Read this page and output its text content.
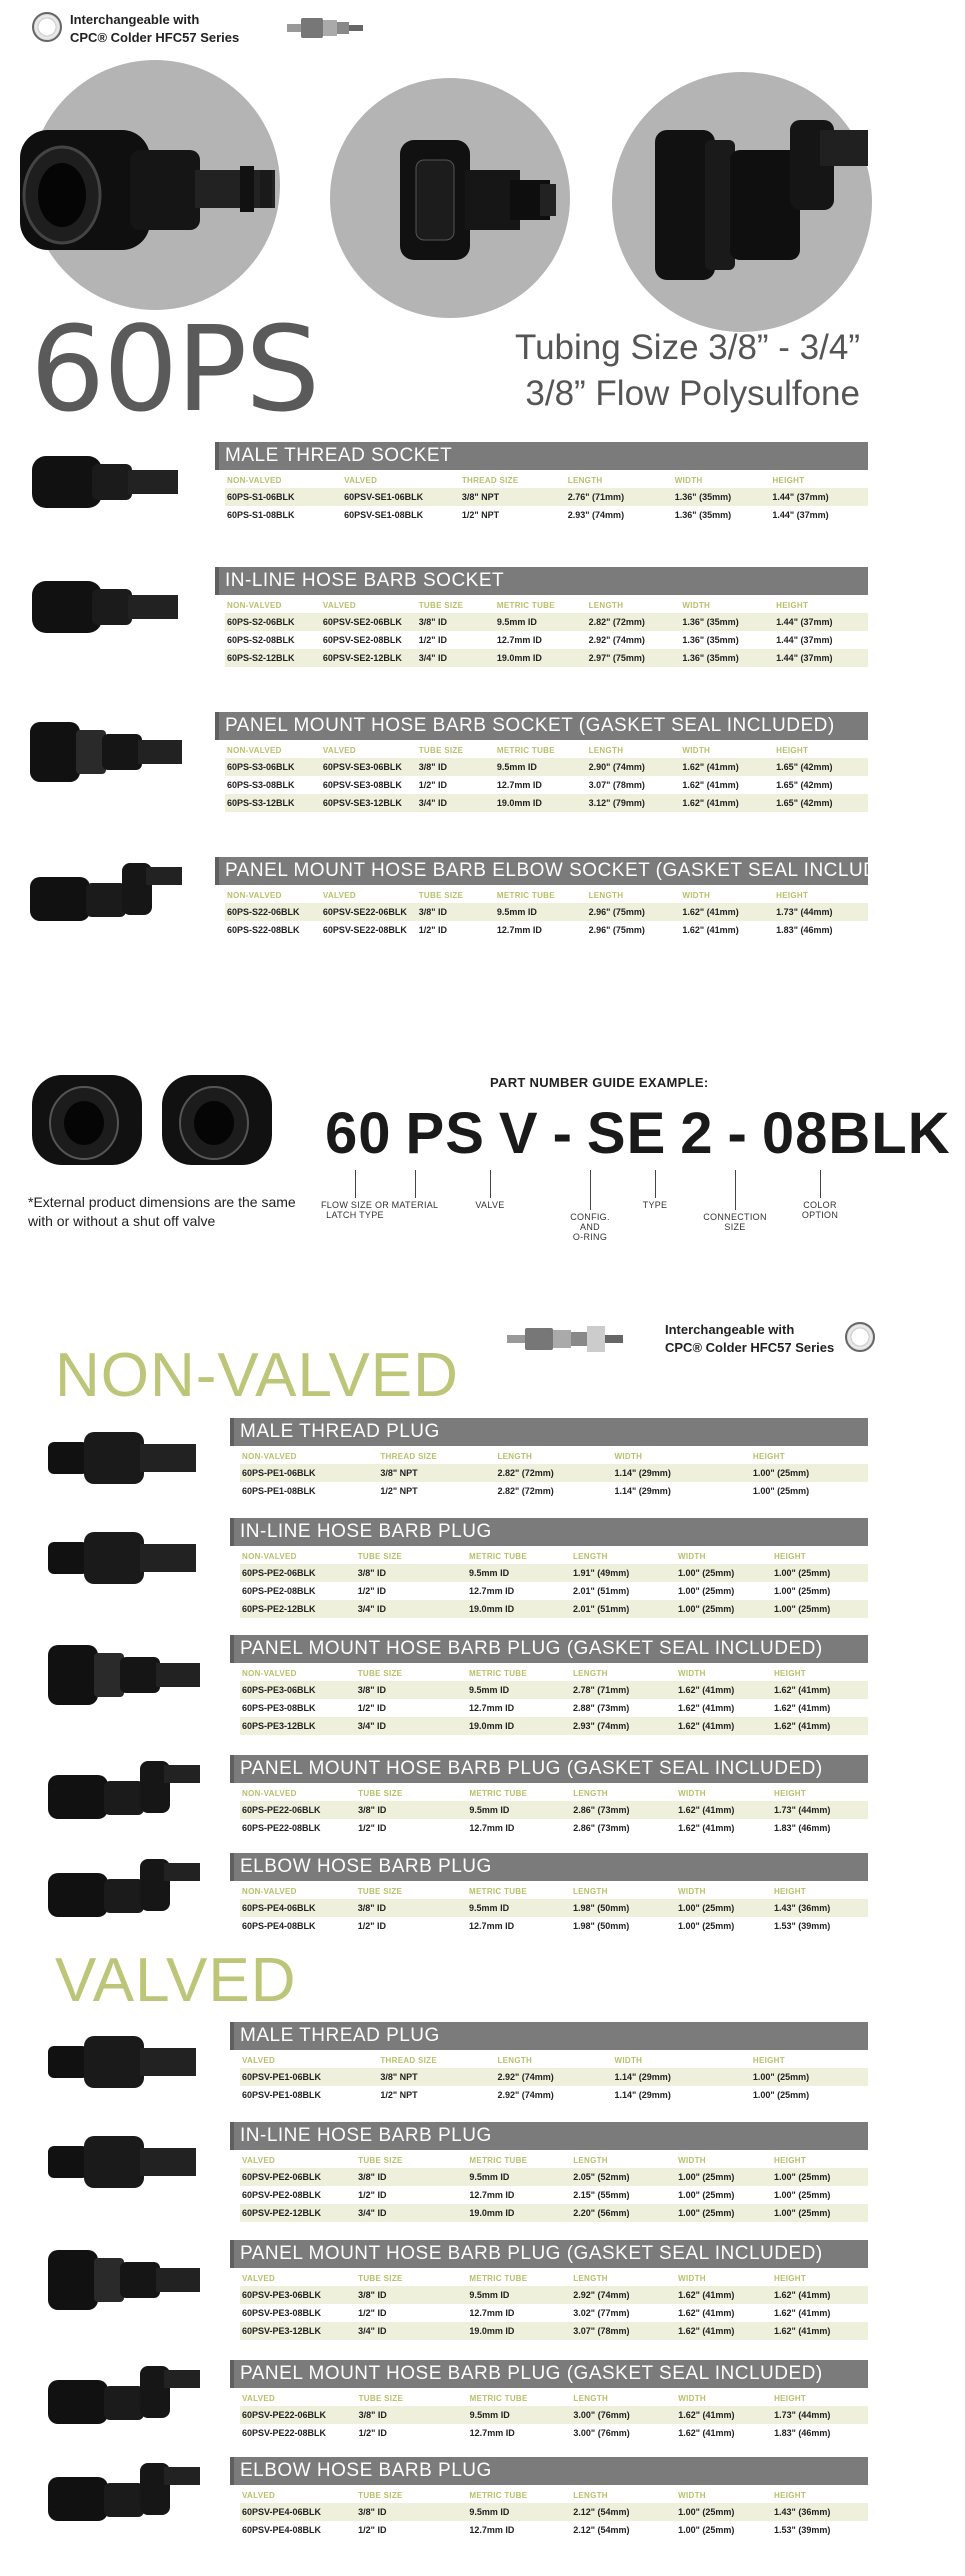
Interchangeable with
CPC® Colder HFC57 Series
60PS	Tubing Size 3/8” - 3/4”
3/8” Flow Polysulfone
MALE THREAD SOCKET
NON-VALVED	VALVED	THREAD SIZE	LENGTH	WIDTH	HEIGHT
60PS-S1-06BLK	60PSV-SE1-06BLK	3/8" NPT	2.76" (71mm)	1.36" (35mm)	1.44" (37mm)
60PS-S1-08BLK	60PSV-SE1-08BLK	1/2" NPT	2.93" (74mm)	1.36" (35mm)	1.44" (37mm)
IN-LINE HOSE BARB SOCKET
NON-VALVED	VALVED	TUBE SIZE	METRIC TUBE	LENGTH	WIDTH	HEIGHT
60PS-S2-06BLK	60PSV-SE2-06BLK	3/8" ID	9.5mm ID	2.82" (72mm)	1.36" (35mm)	1.44" (37mm)
60PS-S2-08BLK	60PSV-SE2-08BLK	1/2" ID	12.7mm ID	2.92" (74mm)	1.36" (35mm)	1.44" (37mm)
60PS-S2-12BLK	60PSV-SE2-12BLK	3/4" ID	19.0mm ID	2.97" (75mm)	1.36" (35mm)	1.44" (37mm)
PANEL MOUNT HOSE BARB SOCKET (GASKET SEAL INCLUDED)
NON-VALVED	VALVED	TUBE SIZE	METRIC TUBE	LENGTH	WIDTH	HEIGHT
60PS-S3-06BLK	60PSV-SE3-06BLK	3/8" ID	9.5mm ID	2.90" (74mm)	1.62" (41mm)	1.65" (42mm)
60PS-S3-08BLK	60PSV-SE3-08BLK	1/2" ID	12.7mm ID	3.07" (78mm)	1.62" (41mm)	1.65" (42mm)
60PS-S3-12BLK	60PSV-SE3-12BLK	3/4" ID	19.0mm ID	3.12" (79mm)	1.62" (41mm)	1.65" (42mm)
PANEL MOUNT HOSE BARB ELBOW SOCKET (GASKET SEAL INCLUDED)
NON-VALVED	VALVED	TUBE SIZE	METRIC TUBE	LENGTH	WIDTH	HEIGHT
60PS-S22-06BLK	60PSV-SE22-06BLK	3/8" ID	9.5mm ID	2.96" (75mm)	1.62" (41mm)	1.73" (44mm)
60PS-S22-08BLK	60PSV-SE22-08BLK	1/2" ID	12.7mm ID	2.96" (75mm)	1.62" (41mm)	1.83" (46mm)
*External product dimensions are the same with or without a shut off valve
PART NUMBER GUIDE EXAMPLE:
60 PS V - SE 2 - 08BLK
FLOW SIZE OR
LATCH TYPE
MATERIAL	VALVE
CONFIG.
AND
O-RING
TYPE
CONNECTION
SIZE
COLOR
OPTION
Interchangeable with
CPC® Colder HFC57 Series
NON-VALVED
MALE THREAD PLUG
NON-VALVED	THREAD SIZE	LENGTH	WIDTH	HEIGHT
60PS-PE1-06BLK	3/8" NPT	2.82" (72mm)	1.14" (29mm)	1.00" (25mm)
60PS-PE1-08BLK	1/2" NPT	2.82" (72mm)	1.14" (29mm)	1.00" (25mm)
IN-LINE HOSE BARB PLUG
NON-VALVED	TUBE SIZE	METRIC TUBE	LENGTH	WIDTH	HEIGHT
60PS-PE2-06BLK	3/8" ID	9.5mm ID	1.91" (49mm)	1.00" (25mm)	1.00" (25mm)
60PS-PE2-08BLK	1/2" ID	12.7mm ID	2.01" (51mm)	1.00" (25mm)	1.00" (25mm)
60PS-PE2-12BLK	3/4" ID	19.0mm ID	2.01" (51mm)	1.00" (25mm)	1.00" (25mm)
PANEL MOUNT HOSE BARB PLUG (GASKET SEAL INCLUDED)
NON-VALVED	TUBE SIZE	METRIC TUBE	LENGTH	WIDTH	HEIGHT
60PS-PE3-06BLK	3/8" ID	9.5mm ID	2.78" (71mm)	1.62" (41mm)	1.62" (41mm)
60PS-PE3-08BLK	1/2" ID	12.7mm ID	2.88" (73mm)	1.62" (41mm)	1.62" (41mm)
60PS-PE3-12BLK	3/4" ID	19.0mm ID	2.93" (74mm)	1.62" (41mm)	1.62" (41mm)
PANEL MOUNT HOSE BARB PLUG (GASKET SEAL INCLUDED)
NON-VALVED	TUBE SIZE	METRIC TUBE	LENGTH	WIDTH	HEIGHT
60PS-PE22-06BLK	3/8" ID	9.5mm ID	2.86" (73mm)	1.62" (41mm)	1.73" (44mm)
60PS-PE22-08BLK	1/2" ID	12.7mm ID	2.86" (73mm)	1.62" (41mm)	1.83" (46mm)
ELBOW HOSE BARB PLUG
NON-VALVED	TUBE SIZE	METRIC TUBE	LENGTH	WIDTH	HEIGHT
60PS-PE4-06BLK	3/8" ID	9.5mm ID	1.98" (50mm)	1.00" (25mm)	1.43" (36mm)
60PS-PE4-08BLK	1/2" ID	12.7mm ID	1.98" (50mm)	1.00" (25mm)	1.53" (39mm)
VALVED
MALE THREAD PLUG
VALVED	THREAD SIZE	LENGTH	WIDTH	HEIGHT
60PSV-PE1-06BLK	3/8" NPT	2.92" (74mm)	1.14" (29mm)	1.00" (25mm)
60PSV-PE1-08BLK	1/2" NPT	2.92" (74mm)	1.14" (29mm)	1.00" (25mm)
IN-LINE HOSE BARB PLUG
VALVED	TUBE SIZE	METRIC TUBE	LENGTH	WIDTH	HEIGHT
60PSV-PE2-06BLK	3/8" ID	9.5mm ID	2.05" (52mm)	1.00" (25mm)	1.00" (25mm)
60PSV-PE2-08BLK	1/2" ID	12.7mm ID	2.15" (55mm)	1.00" (25mm)	1.00" (25mm)
60PSV-PE2-12BLK	3/4" ID	19.0mm ID	2.20" (56mm)	1.00" (25mm)	1.00" (25mm)
PANEL MOUNT HOSE BARB PLUG (GASKET SEAL INCLUDED)
VALVED	TUBE SIZE	METRIC TUBE	LENGTH	WIDTH	HEIGHT
60PSV-PE3-06BLK	3/8" ID	9.5mm ID	2.92" (74mm)	1.62" (41mm)	1.62" (41mm)
60PSV-PE3-08BLK	1/2" ID	12.7mm ID	3.02" (77mm)	1.62" (41mm)	1.62" (41mm)
60PSV-PE3-12BLK	3/4" ID	19.0mm ID	3.07" (78mm)	1.62" (41mm)	1.62" (41mm)
PANEL MOUNT HOSE BARB PLUG (GASKET SEAL INCLUDED)
VALVED	TUBE SIZE	METRIC TUBE	LENGTH	WIDTH	HEIGHT
60PSV-PE22-06BLK	3/8" ID	9.5mm ID	3.00" (76mm)	1.62" (41mm)	1.73" (44mm)
60PSV-PE22-08BLK	1/2" ID	12.7mm ID	3.00" (76mm)	1.62" (41mm)	1.83" (46mm)
ELBOW HOSE BARB PLUG
VALVED	TUBE SIZE	METRIC TUBE	LENGTH	WIDTH	HEIGHT
60PSV-PE4-06BLK	3/8" ID	9.5mm ID	2.12" (54mm)	1.00" (25mm)	1.43" (36mm)
60PSV-PE4-08BLK	1/2" ID	12.7mm ID	2.12" (54mm)	1.00" (25mm)	1.53" (39mm)
